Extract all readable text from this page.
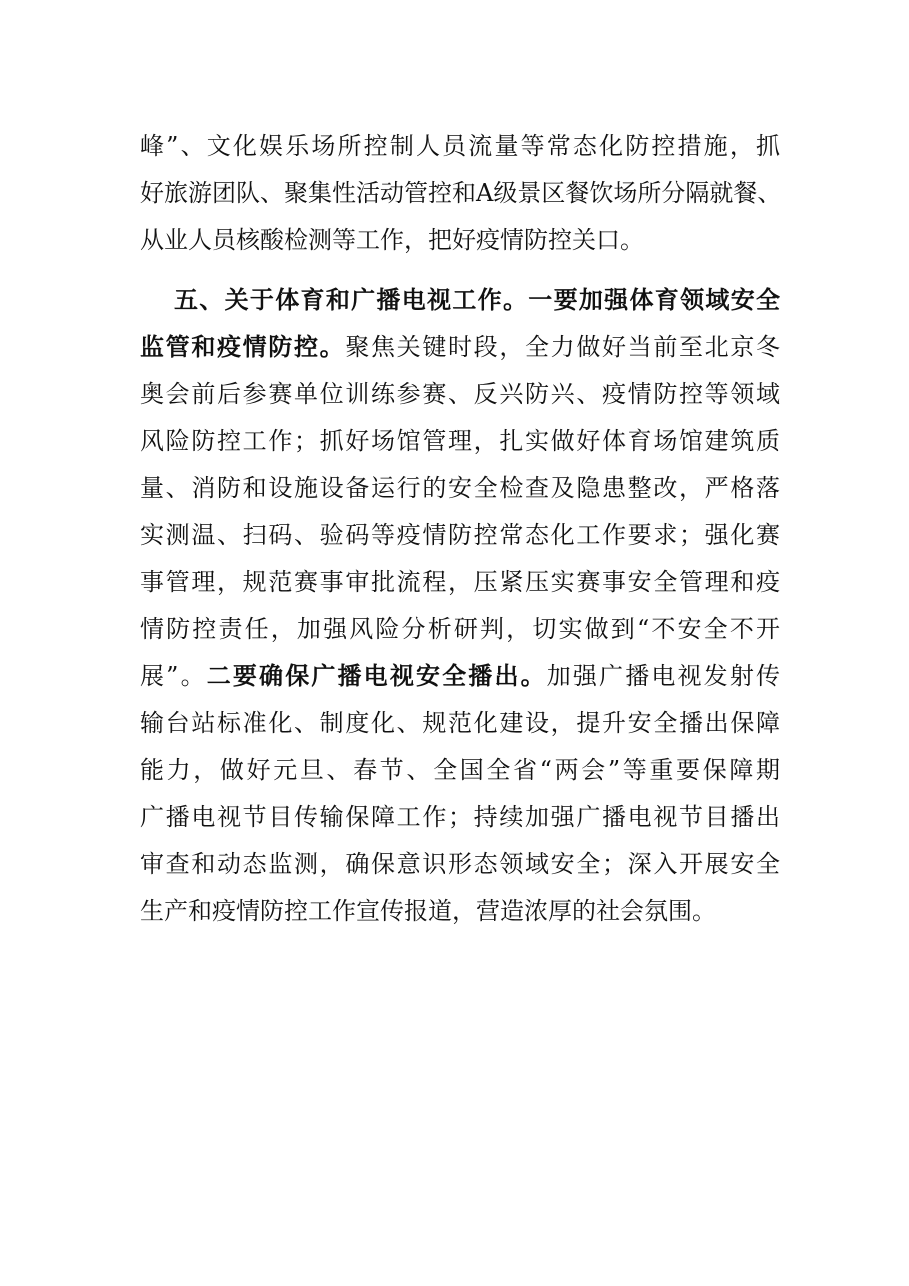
峰”、文化娱乐场所控制人员流量等常态化防控措施，抓
好旅游团队、聚集性活动管控和A级景区餐饮场所分隔就餐、
从业人员核酸检测等工作，把好疫情防控关口。
五、关于体育和广播电视工作。一要加强体育领域安全
监管和疫情防控。聚焦关键时段，全力做好当前至北京冬
奥会前后参赛单位训练参赛、反兴防兴、疫情防控等领域
风险防控工作；抓好场馆管理，扎实做好体育场馆建筑质
量、消防和设施设备运行的安全检查及隐患整改，严格落
实测温、扫码、验码等疫情防控常态化工作要求；强化赛
事管理，规范赛事审批流程，压紧压实赛事安全管理和疫
情防控责任，加强风险分析研判，切实做到“不安全不开
展”。二要确保广播电视安全播出。加强广播电视发射传
输台站标准化、制度化、规范化建设，提升安全播出保障
能力，做好元旦、春节、全国全省“两会”等重要保障期
广播电视节目传输保障工作；持续加强广播电视节目播出
审查和动态监测，确保意识形态领域安全；深入开展安全
生产和疫情防控工作宣传报道，营造浓厚的社会氛围。
